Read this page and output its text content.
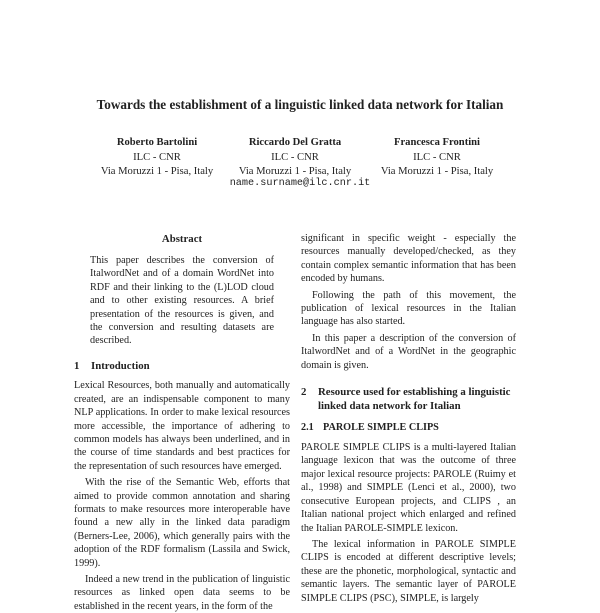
Towards the establishment of a linguistic linked data network for Italian
Roberto Bartolini
ILC - CNR
Via Moruzzi 1 - Pisa, Italy
Riccardo Del Gratta
ILC - CNR
Via Moruzzi 1 - Pisa, Italy
Francesca Frontini
ILC - CNR
Via Moruzzi 1 - Pisa, Italy
name.surname@ilc.cnr.it
Abstract

This paper describes the conversion of ItalwordNet and of a domain WordNet into RDF and their linking to the (L)LOD cloud and to other existing resources. A brief presentation of the resources is given, and the conversion and resulting datasets are described.

1	Introduction

Lexical Resources, both manually and automatically created, are an indispensable component to many NLP applications. In order to make lexical resources more accessible, the importance of adhering to common models has always been underlined, and in the course of time standards and best practices for the representation of such resources have emerged.

With the rise of the Semantic Web, efforts that aimed to provide common annotation and sharing formats to make resources more interoperable have found a new ally in the linked data paradigm (Berners-Lee, 2006), which generally pairs with the adoption of the RDF formalism (Lassila and Swick, 1999).

Indeed a new trend in the publication of linguistic resources as linked open data seems to be established in the recent years, in the form of the

significant in specific weight - especially the resources manually developed/checked, as they contain complex semantic information that has been encoded by humans.

Following the path of this movement, the publication of lexical resources in the Italian language has also started.

In this paper a description of the conversion of ItalwordNet and of a WordNet in the geographic domain is given.

2	Resource used for establishing a linguistic linked data network for Italian
2.1 PAROLE SIMPLE CLIPS

PAROLE SIMPLE CLIPS is a multi-layered Italian language lexicon that was the outcome of three major lexical resource projects: PAROLE (Ruimy et al., 1998) and SIMPLE (Lenci et al., 2000), two consecutive European projects, and CLIPS , an Italian national project which enlarged and refined the Italian PAROLE-SIMPLE lexicon.

The lexical information in PAROLE SIMPLE CLIPS is encoded at different descriptive levels; these are the phonetic, morphological, syntactic and semantic layers. The semantic layer of PAROLE SIMPLE CLIPS (PSC), SIMPLE, is largely
